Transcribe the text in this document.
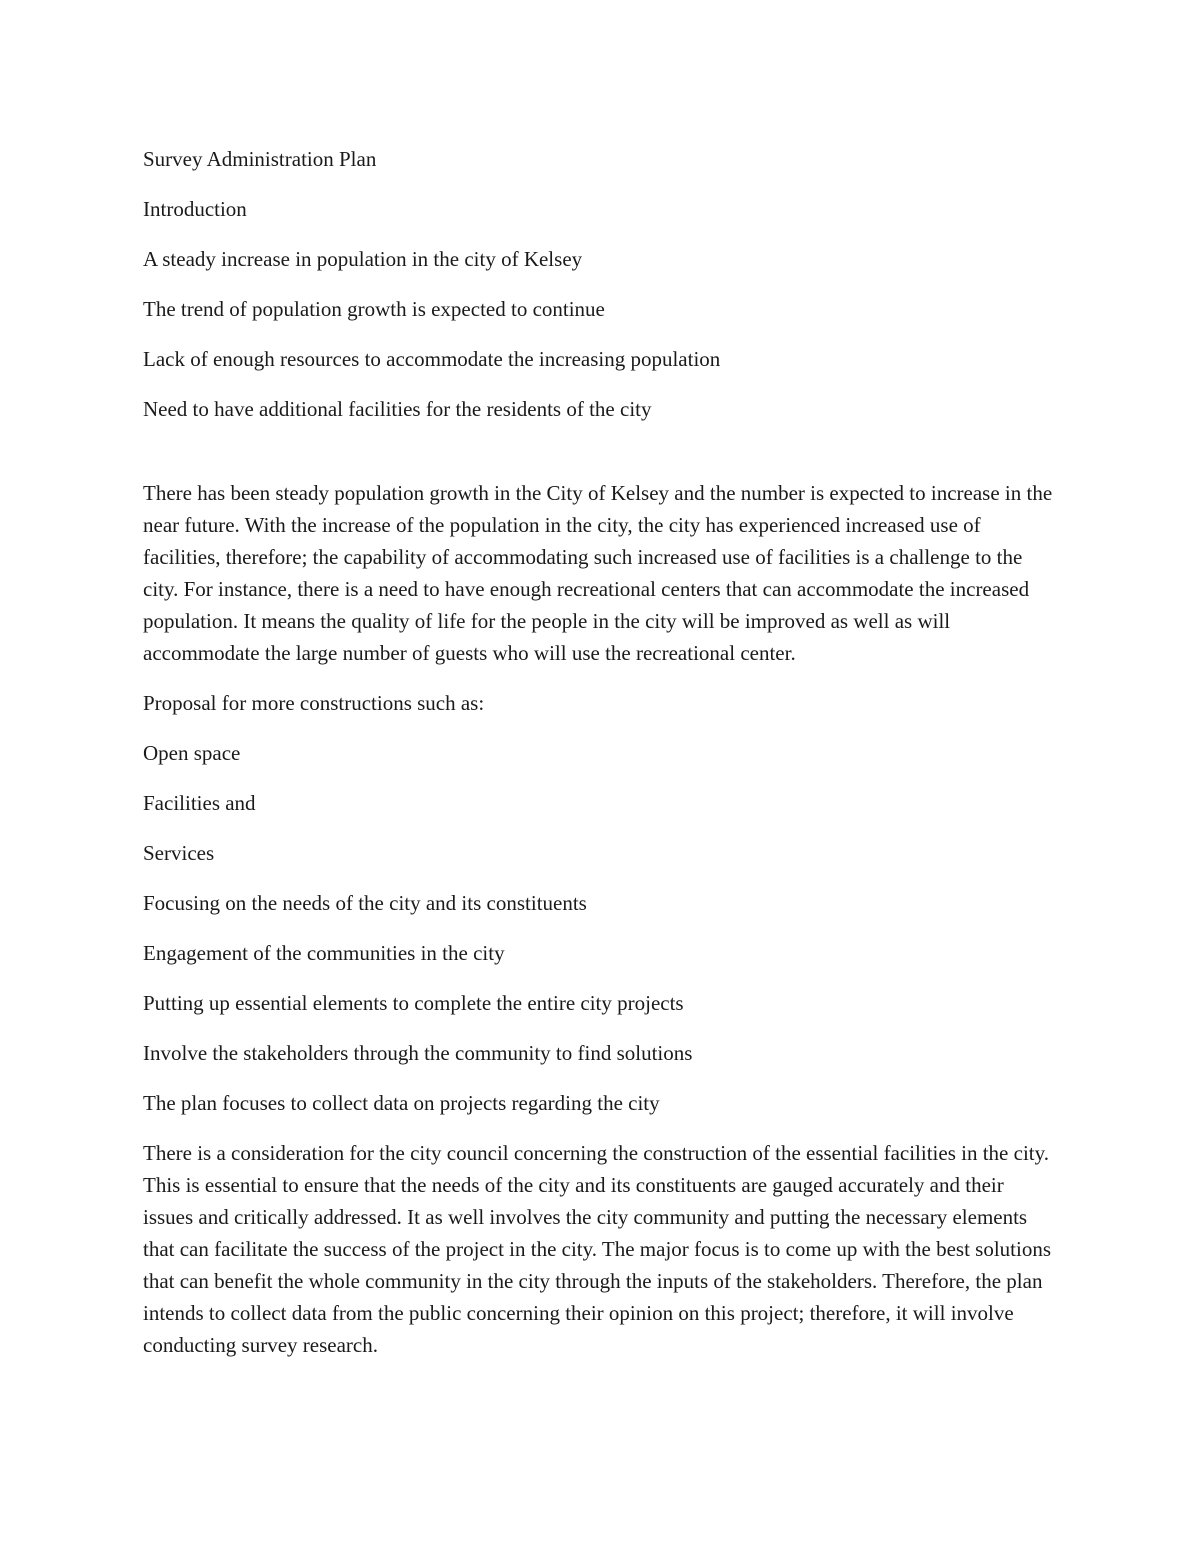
Survey Administration Plan

Introduction

A steady increase in population in the city of Kelsey

The trend of population growth is expected to continue

Lack of enough resources to accommodate the increasing population

Need to have additional facilities for the residents of the city

There has been steady population growth in the City of Kelsey and the number is expected to increase in the near future. With the increase of the population in the city, the city has experienced increased use of facilities, therefore; the capability of accommodating such increased use of facilities is a challenge to the city. For instance, there is a need to have enough recreational centers that can accommodate the increased population. It means the quality of life for the people in the city will be improved as well as will accommodate the large number of guests who will use the recreational center.

Proposal for more constructions such as:

Open space

Facilities and

Services

Focusing on the needs of the city and its constituents

Engagement of the communities in the city

Putting up essential elements to complete the entire city projects

Involve the stakeholders through the community to find solutions

The plan focuses to collect data on projects regarding the city

There is a consideration for the city council concerning the construction of the essential facilities in the city. This is essential to ensure that the needs of the city and its constituents are gauged accurately and their issues and critically addressed. It as well involves the city community and putting the necessary elements that can facilitate the success of the project in the city. The major focus is to come up with the best solutions that can benefit the whole community in the city through the inputs of the stakeholders. Therefore, the plan intends to collect data from the public concerning their opinion on this project; therefore, it will involve conducting survey research.
